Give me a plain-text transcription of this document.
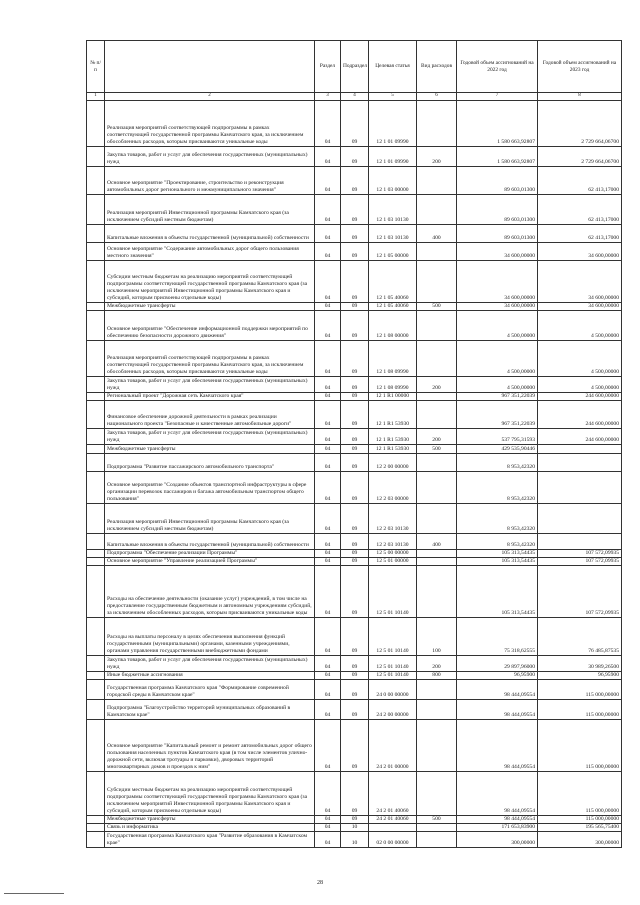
№ п/п		Раздел	Подраздел	Целевая статья	Вид расходов	Годовой объем ассигнований на 2022 год	Годовой объем ассигнований на 2023 год
1	2	3	4	5	6	7	8
	Реализация мероприятий соответствующей подпрограммы в рамках соответствующей государственной программы Камчатского края, за исключением обособленных расходов, которым присваиваются уникальные коды	04	09	12 1 01 09990		1 580 663,92807	2 729 664,06700
	Закупка товаров, работ и услуг для обеспечения государственных (муниципальных) нужд	04	09	12 1 01 09990	200	1 580 663,92807	2 729 664,06700
	Основное мероприятие "Проектирование, строительство и реконструкция автомобильных дорог регионального и межмуниципального значения"	04	09	12 1 03 00000		89 603,01300	62 413,17000
	Реализация мероприятий Инвестиционной программы Камчатского края (за исключением субсидий местным бюджетам)	04	09	12 1 03 10130		89 603,01300	62 413,17000
	Капитальные вложения в объекты государственной (муниципальной) собственности	04	09	12 1 03 10130	400	89 603,01300	62 413,17000
	Основное мероприятие "Содержание автомобильных дорог общего пользования местного значения"	04	09	12 1 05 00000		34 600,00000	34 600,00000
	Субсидии местным бюджетам на реализацию мероприятий соответствующей подпрограммы соответствующей государственной программы Камчатского края (за исключением мероприятий Инвестиционной программы Камчатского края и субсидий, которым присвоены отдельные коды)	04	09	12 1 05 40060		34 600,00000	34 600,00000
	Межбюджетные трансферты	04	09	12 1 05 40060	500	34 600,00000	34 600,00000
	Основное мероприятие "Обеспечение информационной поддержки мероприятий по обеспечению безопасности дорожного движения"	04	09	12 1 08 00000		4 500,00000	4 500,00000
	Реализация мероприятий соответствующей подпрограммы в рамках соответствующей государственной программы Камчатского края, за исключением обособленных расходов, которым присваиваются уникальные коды	04	09	12 1 08 09990		4 500,00000	4 500,00000
	Закупка товаров, работ и услуг для обеспечения государственных (муниципальных) нужд	04	09	12 1 08 09990	200	4 500,00000	4 500,00000
	Региональный проект "Дорожная сеть Камчатского края"	04	09	12 1 R1 00000		967 351,22039	244 600,00000
	Финансовое обеспечение дорожной деятельности в рамках реализации национального проекта "Безопасные и качественные автомобильные дороги"	04	09	12 1 R1 53930		967 351,22039	244 600,00000
	Закупка товаров, работ и услуг для обеспечения государственных (муниципальных) нужд	04	09	12 1 R1 53930	200	537 795,31593	244 600,00000
	Межбюджетные трансферты	04	09	12 1 R1 53930	500	429 535,90446	
	Подпрограмма "Развитие пассажирского автомобильного транспорта"	04	09	12 2 00 00000		8 953,42320	
	Основное мероприятие "Создание объектов транспортной инфраструктуры в сфере организации перевозок пассажиров и багажа автомобильным транспортом общего пользования"	04	09	12 2 03 00000		8 953,42320	
	Реализация мероприятий Инвестиционной программы Камчатского края (за исключением субсидий местным бюджетам)	04	09	12 2 03 10130		8 953,42320	
	Капитальные вложения в объекты государственной (муниципальной) собственности	04	09	12 2 03 10130	400	8 953,42320	
	Подпрограмма "Обеспечение реализации Программы"	04	09	12 5 00 00000		105 313,54435	107 572,09935
	Основное мероприятие "Управление реализацией Программы"	04	09	12 5 01 00000		105 313,54435	107 572,09935
	Расходы на обеспечение деятельности (оказание услуг) учреждений, в том числе на предоставление государственным бюджетным и автономным учреждениям субсидий, за исключением обособленных расходов, которым присваиваются уникальные коды	04	09	12 5 01 10140		105 313,54435	107 572,09935
	Расходы на выплаты персоналу в целях обеспечения выполнения функций государственными (муниципальными) органами, казенными учреждениями, органами управления государственными внебюджетными фондами	04	09	12 5 01 10140	100	75 318,62555	76 485,87535
	Закупка товаров, работ и услуг для обеспечения государственных (муниципальных) нужд	04	09	12 5 01 10140	200	29 897,96000	30 989,26500
	Иные бюджетные ассигнования	04	09	12 5 01 10140	800	96,95900	96,95900
	Государственная программа Камчатского края "Формирование современной городской среды в Камчатском крае"	04	09	24 0 00 00000		98 444,09554	115 000,00000
	Подпрограмма "Благоустройство территорий муниципальных образований в Камчатском крае"	04	09	24 2 00 00000		98 444,09554	115 000,00000
	Основное мероприятие "Капитальный ремонт и ремонт автомобильных дорог общего пользования населенных пунктов Камчатского края (в том числе элементов улично-дорожной сети, включая тротуары и парковки), дворовых территорий многоквартирных домов и проездов к ним"	04	09	24 2 01 00000		98 444,09554	115 000,00000
	Субсидии местным бюджетам на реализацию мероприятий соответствующей подпрограммы соответствующей государственной программы Камчатского края (за исключением мероприятий Инвестиционной программы Камчатского края и субсидий, которым присвоены отдельные коды)	04	09	24 2 01 40060		98 444,09554	115 000,00000
	Межбюджетные трансферты	04	09	24 2 01 40060	500	98 444,09554	115 000,00000
	Связь и информатика	04	10			171 653,83900	195 565,75400
	Государственная программа Камчатского края "Развитие образования в Камчатском крае"	04	10	02 0 00 00000		300,00000	300,00000
28
